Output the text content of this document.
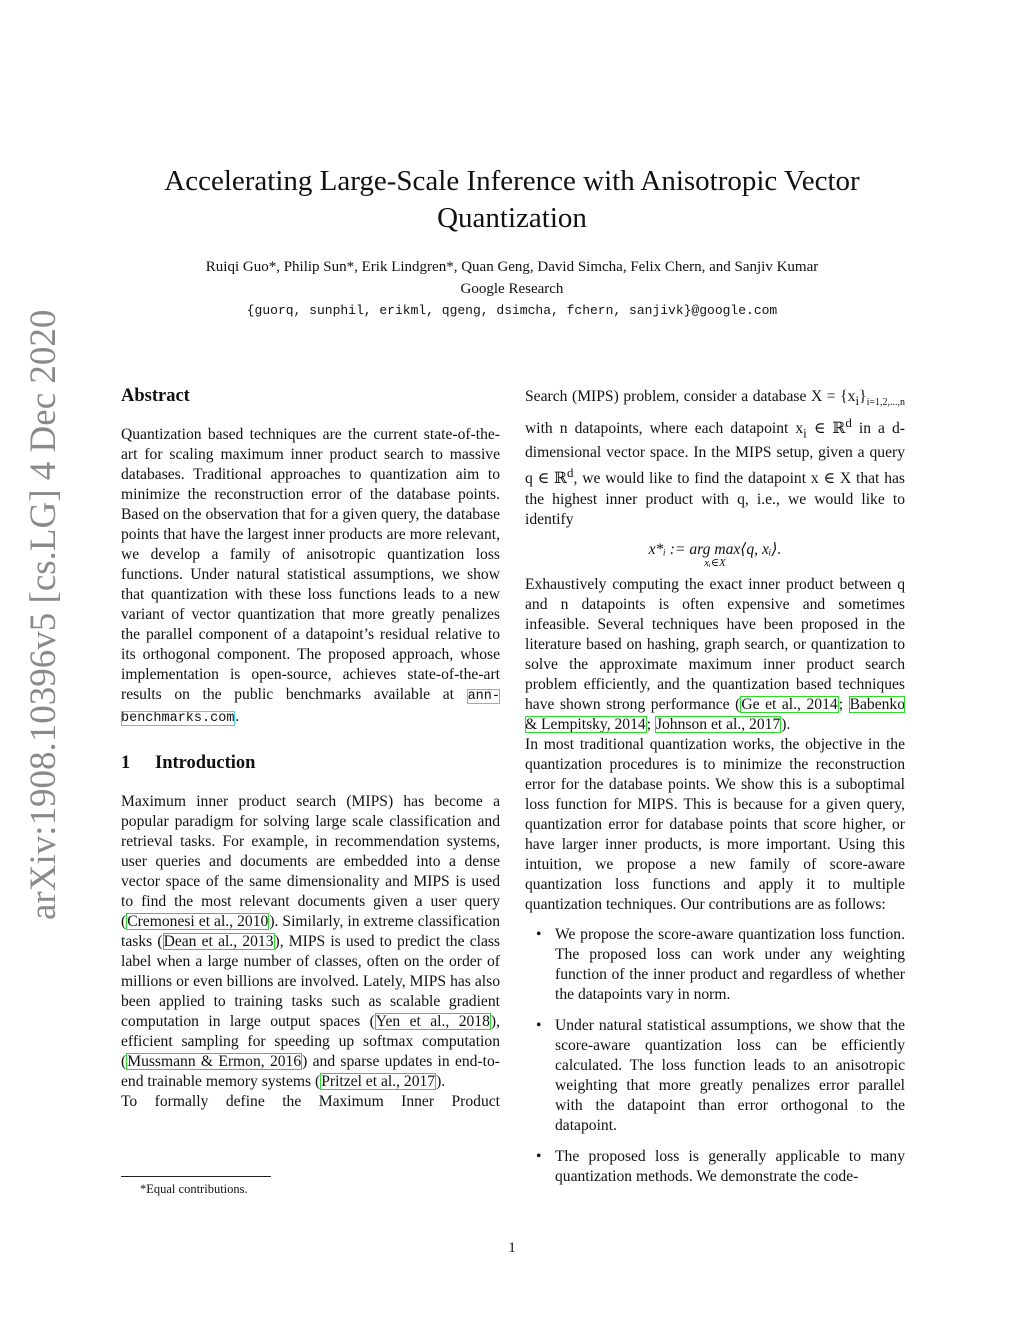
arXiv:1908.10396v5 [cs.LG] 4 Dec 2020
Accelerating Large-Scale Inference with Anisotropic Vector
Quantization
Ruiqi Guo*, Philip Sun*, Erik Lindgren*, Quan Geng, David Simcha, Felix Chern, and Sanjiv Kumar
Google Research
{guorq, sunphil, erikml, qgeng, dsimcha, fchern, sanjivk}@google.com
Abstract

Quantization based techniques are the current state-of-the-art for scaling maximum inner product search to massive databases. Traditional approaches to quantization aim to minimize the reconstruction error of the database points. Based on the observation that for a given query, the database points that have the largest inner products are more relevant, we develop a family of anisotropic quantization loss functions. Under natural statistical assumptions, we show that quantization with these loss functions leads to a new variant of vector quantization that more greatly penalizes the parallel component of a datapoint’s residual relative to its orthogonal component. The proposed approach, whose implementation is open-source, achieves state-of-the-art results on the public benchmarks available at ann-benchmarks.com.

1 Introduction

Maximum inner product search (MIPS) has become a popular paradigm for solving large scale classification and retrieval tasks. For example, in recommendation systems, user queries and documents are embedded into a dense vector space of the same dimensionality and MIPS is used to find the most relevant documents given a user query (Cremonesi et al., 2010). Similarly, in extreme classification tasks (Dean et al., 2013), MIPS is used to predict the class label when a large number of classes, often on the order of millions or even billions are involved. Lately, MIPS has also been applied to training tasks such as scalable gradient computation in large output spaces (Yen et al., 2018), efficient sampling for speeding up softmax computation (Mussmann & Ermon, 2016) and sparse updates in end-to-end trainable memory systems (Pritzel et al., 2017).

To formally define the Maximum Inner Product

Search (MIPS) problem, consider a database $X = \{x_i\}_{i=1,2,...,n}$ with n datapoints, where each datapoint $x_i$ ∈ ℝ$^d$ in a d-dimensional vector space. In the MIPS setup, given a query q ∈ ℝ$^d$, we would like to find the datapoint x ∈ X that has the highest inner product with q, i.e., we would like to identify

x*ᵢ := arg max⟨q, xᵢ⟩.
xᵢ∈X

Exhaustively computing the exact inner product between q and n datapoints is often expensive and sometimes infeasible. Several techniques have been proposed in the literature based on hashing, graph search, or quantization to solve the approximate maximum inner product search problem efficiently, and the quantization based techniques have shown strong performance (Ge et al., 2014; Babenko & Lempitsky, 2014; Johnson et al., 2017).

In most traditional quantization works, the objective in the quantization procedures is to minimize the reconstruction error for the database points. We show this is a suboptimal loss function for MIPS. This is because for a given query, quantization error for database points that score higher, or have larger inner products, is more important. Using this intuition, we propose a new family of score-aware quantization loss functions and apply it to multiple quantization techniques. Our contributions are as follows:

• We propose the score-aware quantization loss function. The proposed loss can work under any weighting function of the inner product and regardless of whether the datapoints vary in norm.
• Under natural statistical assumptions, we show that the score-aware quantization loss can be efficiently calculated. The loss function leads to an anisotropic weighting that more greatly penalizes error parallel with the datapoint than error orthogonal to the datapoint.
• The proposed loss is generally applicable to many quantization methods. We demonstrate the code-
*Equal contributions.
1
